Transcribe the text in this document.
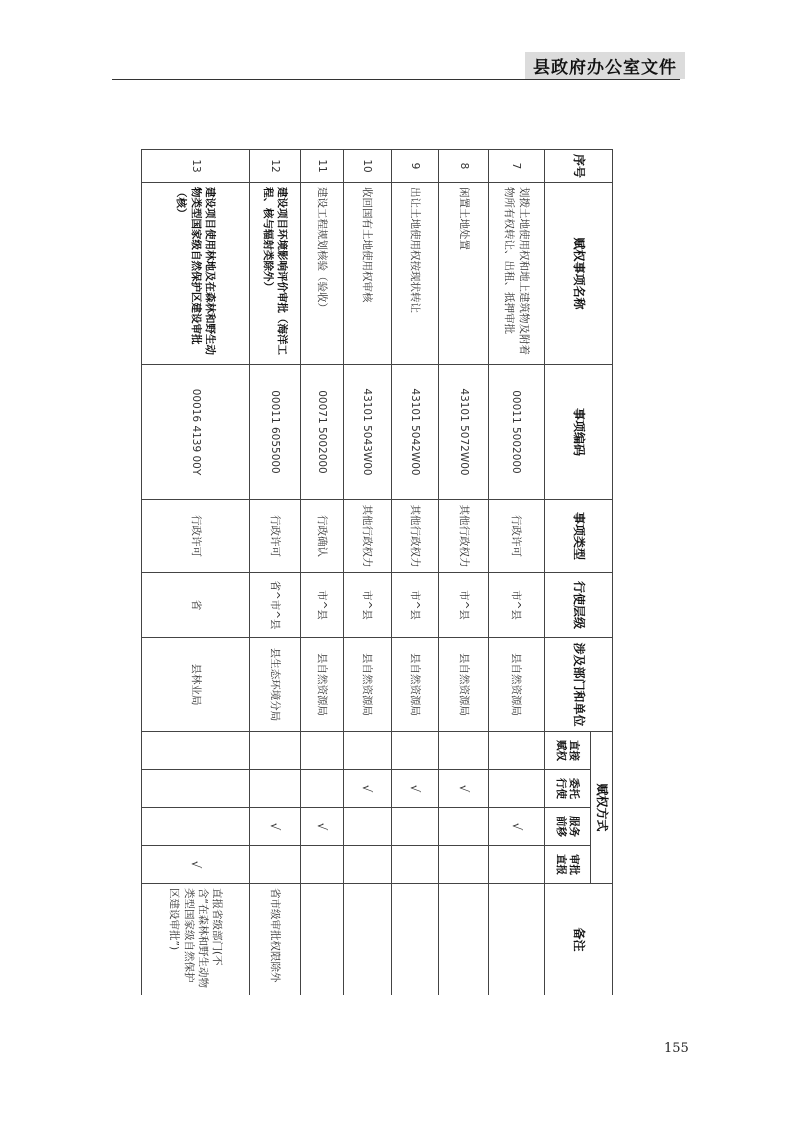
县政府办公室文件
序号	赋权事项名称	事项编码	事项类型	行使层级	涉及部门和单位	赋权方式				备注
						直接赋权	委托行使	服务前移	审批直报	
7	划拨土地使用权和地上建筑物及附着物所有权转让、出租、抵押审批	00011 5002000	行政许可	市^县	县自然资源局			√		
8	闲置土地处置	43101 5072W00	其他行政权力	市^县	县自然资源局		√			
9	出让土地使用权按现状转让	43101 5042W00	其他行政权力	市^县	县自然资源局		√			
10	收回国有土地使用权审核	43101 5043W00	其他行政权力	市^县	县自然资源局		√			
11	建设工程规划核验（验收）	00071 5002000	行政确认	市^县	县自然资源局			√		
12	建设项目环境影响评价审批（海洋工程、核与辐射类除外）	00011 6055000	行政许可	省^市^县	县生态环境分局			√		省市级审批权限除外
13	建设项目使用林地及在森林和野生动物类型国家级自然保护区建设审批（核）	00016 4139 00Y	行政许可	省	县林业局				√	直报省级部门(不含“在森林和野生动物类型国家级自然保护区建设审批”)
155
